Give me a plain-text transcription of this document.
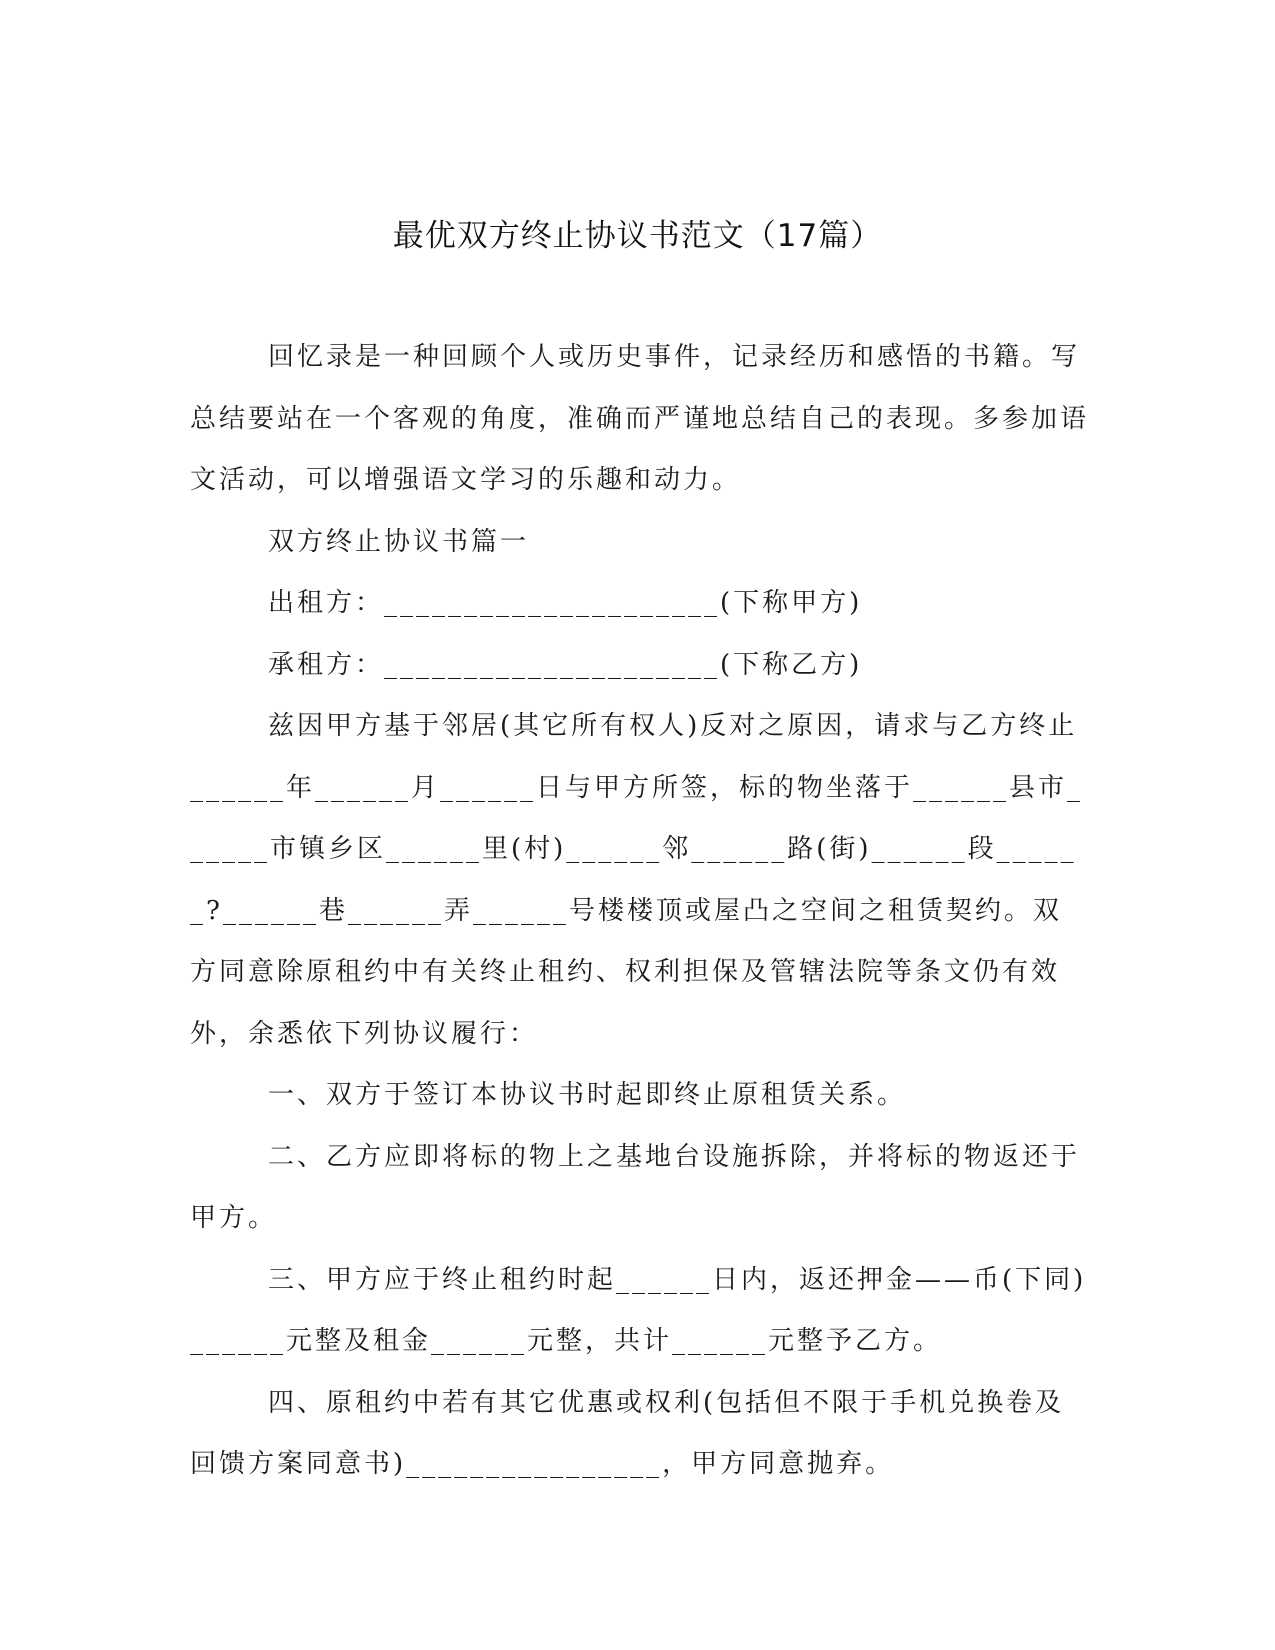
最优双方终止协议书范文（17篇）

回忆录是一种回顾个人或历史事件，记录经历和感悟的书籍。写总结要站在一个客观的角度，准确而严谨地总结自己的表现。多参加语文活动，可以增强语文学习的乐趣和动力。

双方终止协议书篇一

出租方：_____________________(下称甲方)

承租方：_____________________(下称乙方)

兹因甲方基于邻居(其它所有权人)反对之原因，请求与乙方终止______年______月______日与甲方所签，标的物坐落于______县市______市镇乡区______里(村)______邻______路(街)______段______?______巷______弄______号楼楼顶或屋凸之空间之租赁契约。双方同意除原租约中有关终止租约、权利担保及管辖法院等条文仍有效外，余悉依下列协议履行：

一、双方于签订本协议书时起即终止原租赁关系。

二、乙方应即将标的物上之基地台设施拆除，并将标的物返还于甲方。

三、甲方应于终止租约时起______日内，返还押金——币(下同)______元整及租金______元整，共计______元整予乙方。

四、原租约中若有其它优惠或权利(包括但不限于手机兑换卷及回馈方案同意书)________________，甲方同意抛弃。
